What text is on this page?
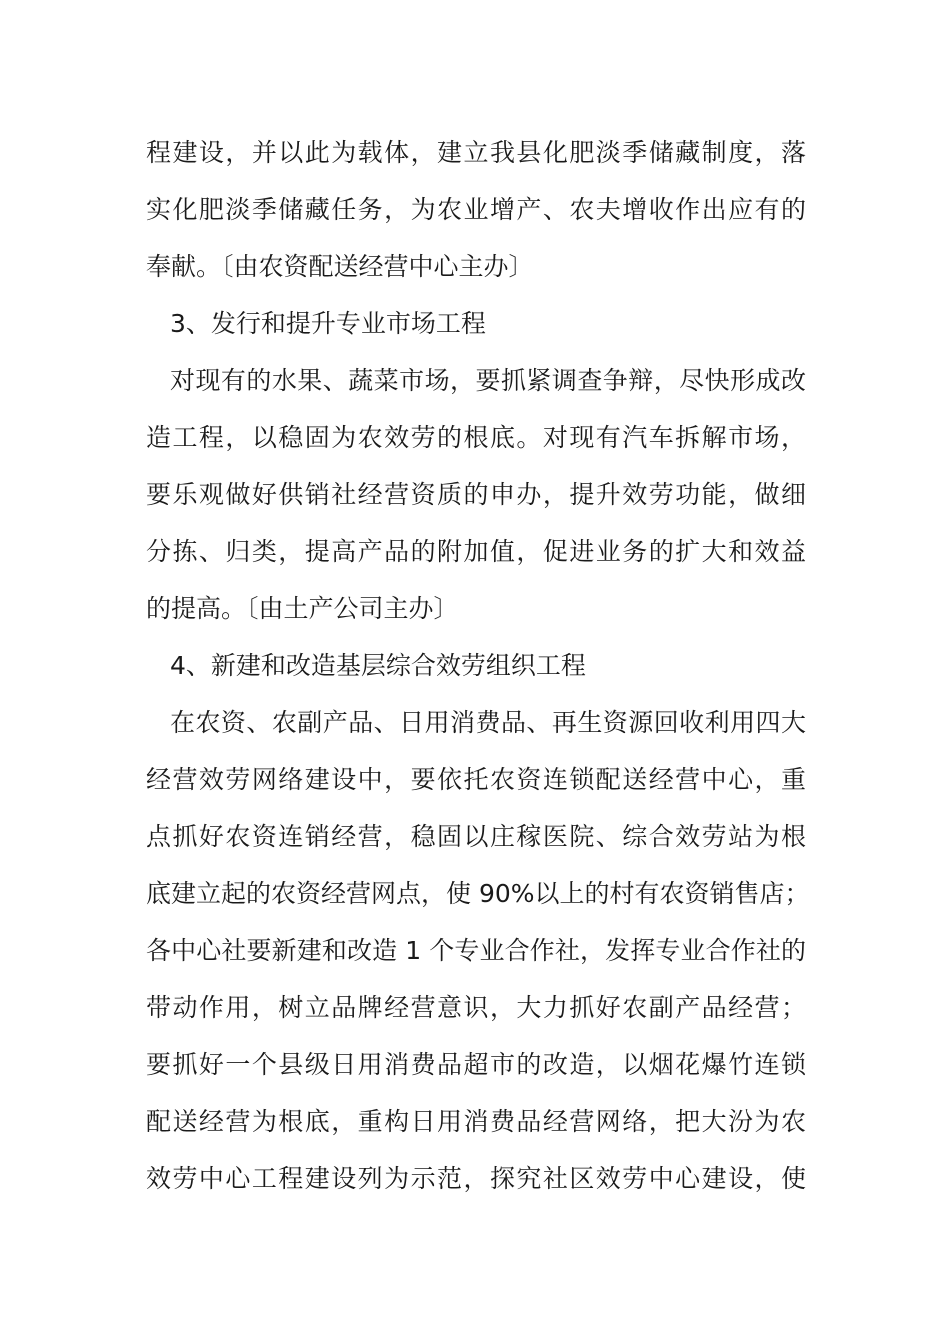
程建设，并以此为载体，建立我县化肥淡季储藏制度，落
实化肥淡季储藏任务，为农业增产、农夫增收作出应有的
奉献。〔由农资配送经营中心主办〕
3、发行和提升专业市场工程
对现有的水果、蔬菜市场，要抓紧调查争辩，尽快形成改
造工程，以稳固为农效劳的根底。对现有汽车拆解市场，
要乐观做好供销社经营资质的申办，提升效劳功能，做细
分拣、归类，提高产品的附加值，促进业务的扩大和效益
的提高。〔由土产公司主办〕
4、新建和改造基层综合效劳组织工程
在农资、农副产品、日用消费品、再生资源回收利用四大
经营效劳网络建设中，要依托农资连锁配送经营中心，重
点抓好农资连销经营，稳固以庄稼医院、综合效劳站为根
底建立起的农资经营网点，使 90%以上的村有农资销售店；
各中心社要新建和改造 1 个专业合作社，发挥专业合作社的
带动作用，树立品牌经营意识，大力抓好农副产品经营；
要抓好一个县级日用消费品超市的改造，以烟花爆竹连锁
配送经营为根底，重构日用消费品经营网络，把大汾为农
效劳中心工程建设列为示范，探究社区效劳中心建设，使
